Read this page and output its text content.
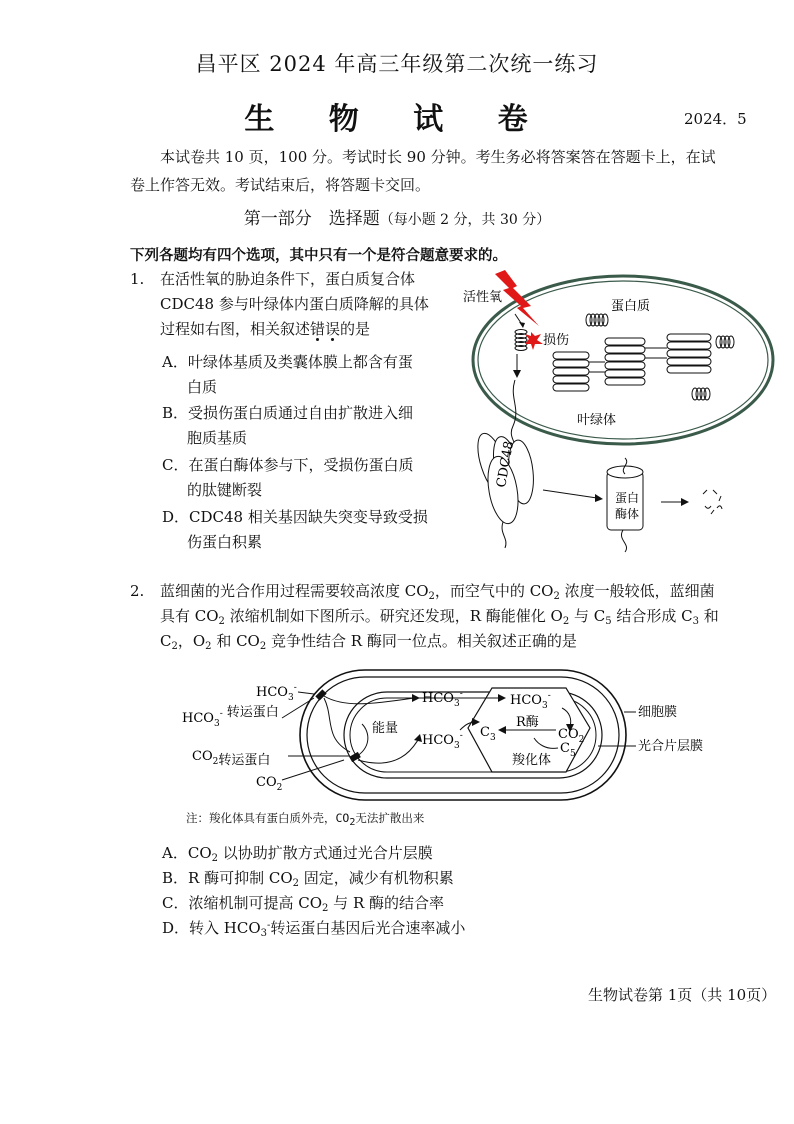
昌平区 2024 年高三年级第二次统一练习
生 物 试 卷	2024．5

本试卷共 10 页，100 分。考试时长 90 分钟。考生务必将答案答在答题卡上，在试

卷上作答无效。考试结束后，将答题卡交回。

第一部分　选择题（每小题 2 分，共 30 分）
下列各题均有四个选项，其中只有一个是符合题意要求的。
1. 在活性氧的胁迫条件下，蛋白质复合体
CDC48 参与叶绿体内蛋白质降解的具体
过程如右图，相关叙述错误的是
A．叶绿体基质及类囊体膜上都含有蛋
白质
B．受损伤蛋白质通过自由扩散进入细
胞质基质
C．在蛋白酶体参与下，受损伤蛋白质
的肽键断裂
D．CDC48 相关基因缺失突变导致受损
伤蛋白积累
活性氧
损伤
蛋白质
叶绿体
CDC48
蛋白
酶体
2. 蓝细菌的光合作用过程需要较高浓度 $CO_2$，而空气中的 $CO_2$ 浓度一般较低，蓝细菌
具有 $CO_2$ 浓缩机制如下图所示。研究还发现，R 酶能催化 $O_2$ 与 $C_5$ 结合形成 $C_3$ 和
$C_2$，$O_2$ 和 $CO_2$ 竞争性结合 R 酶同一位点。相关叙述正确的是
$HCO_3^-$
$HCO_3^-$ 转运蛋白
$CO_2$转运蛋白
$CO_2$
$HCO_3^-$	$HCO_3^-$
$CO_2$
R酶
$C_3$
$C_5$
羧化体
能量
$HCO_3^-$
细胞膜
光合片层膜
注：羧化体具有蛋白质外壳，$CO_2$无法扩散出来
A．$CO_2$ 以协助扩散方式通过光合片层膜
B．R 酶可抑制 $CO_2$ 固定，减少有机物积累
C．浓缩机制可提高 $CO_2$ 与 R 酶的结合率
D．转入 $HCO_3^-$转运蛋白基因后光合速率减小
生物试卷第 1页（共 10页）
